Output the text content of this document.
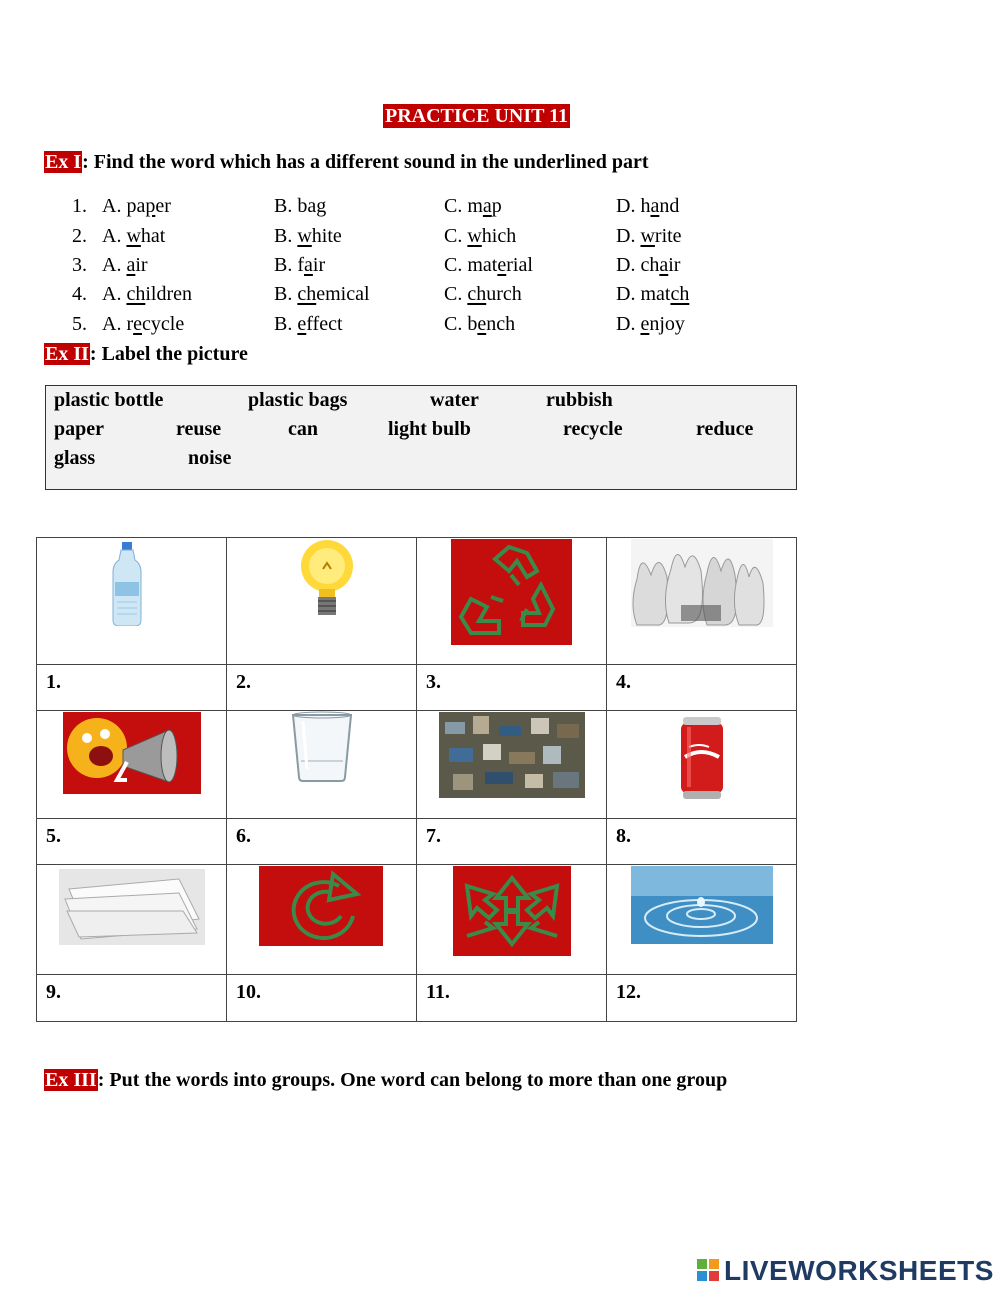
PRACTICE UNIT 11
Ex I: Find the word which has a different sound in the underlined part
1. A. paper	B. bag	C. map	D. hand
2. A. what	B. white	C. which	D. write
3. A. air	B. fair	C. material	D. chair
4. A. children	B. chemical	C. church	D. match
5. A. recycle	B. effect	C. bench	D. enjoy
Ex II: Label the picture
plastic bottle	plastic bags	water	rubbish
paper	reuse	can	light bulb	recycle	reduce
glass	noise

1.	2.	3.	4.

5.	6.	7.	8.

9.	10.	11.	12.
Ex III: Put the words into groups. One word can belong to more than one group
LIVEWORKSHEETS
